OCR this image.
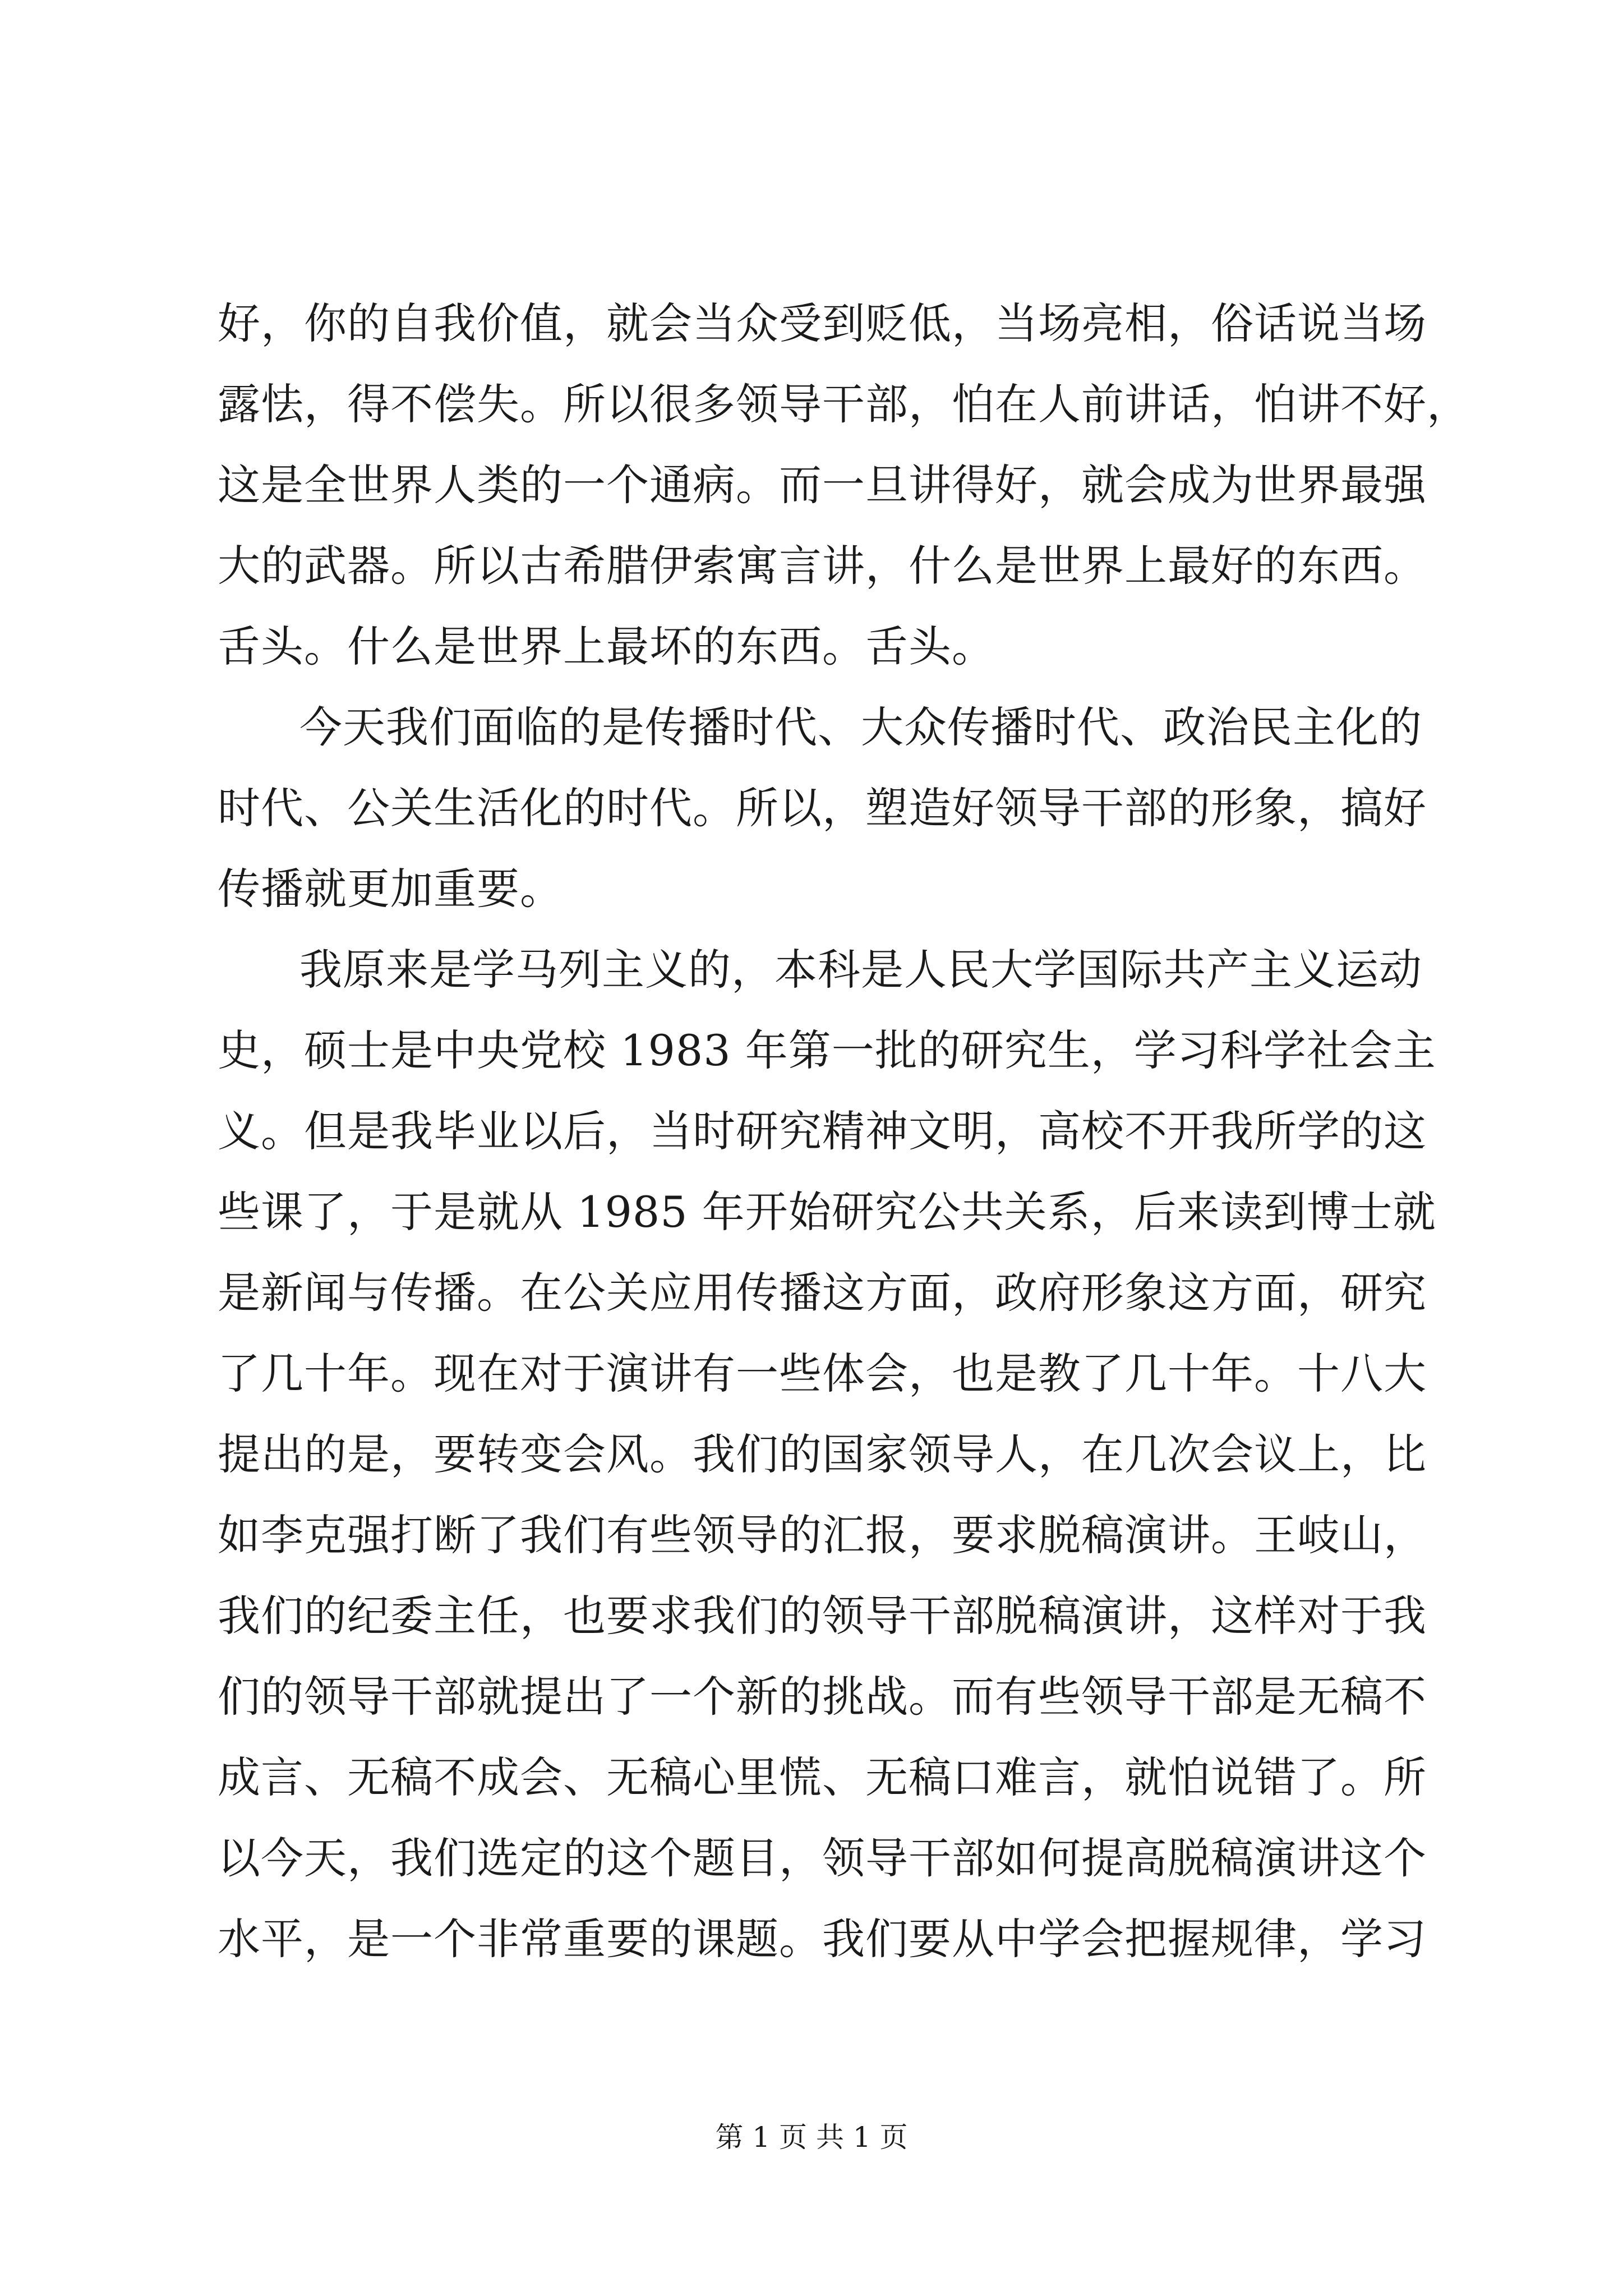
好，你的自我价值，就会当众受到贬低，当场亮相，俗话说当场
露怯，得不偿失。所以很多领导干部，怕在人前讲话，怕讲不好，
这是全世界人类的一个通病。而一旦讲得好，就会成为世界最强
大的武器。所以古希腊伊索寓言讲，什么是世界上最好的东西。
舌头。什么是世界上最坏的东西。舌头。
今天我们面临的是传播时代、大众传播时代、政治民主化的
时代、公关生活化的时代。所以，塑造好领导干部的形象，搞好
传播就更加重要。
我原来是学马列主义的，本科是人民大学国际共产主义运动
史，硕士是中央党校 1983 年第一批的研究生，学习科学社会主
义。但是我毕业以后，当时研究精神文明，高校不开我所学的这
些课了，于是就从 1985 年开始研究公共关系，后来读到博士就
是新闻与传播。在公关应用传播这方面，政府形象这方面，研究
了几十年。现在对于演讲有一些体会，也是教了几十年。十八大
提出的是，要转变会风。我们的国家领导人，在几次会议上，比
如李克强打断了我们有些领导的汇报，要求脱稿演讲。王岐山，
我们的纪委主任，也要求我们的领导干部脱稿演讲，这样对于我
们的领导干部就提出了一个新的挑战。而有些领导干部是无稿不
成言、无稿不成会、无稿心里慌、无稿口难言，就怕说错了。所
以今天，我们选定的这个题目，领导干部如何提高脱稿演讲这个
水平，是一个非常重要的课题。我们要从中学会把握规律，学习
第 1 页 共 1 页
